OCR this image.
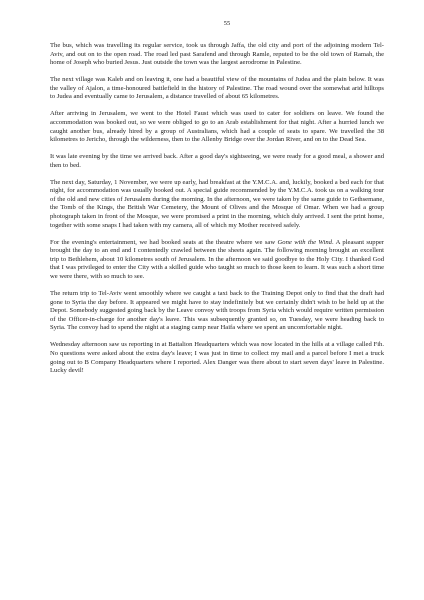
55

The bus, which was travelling its regular service, took us through Jaffa, the old city and port of the adjoining modern Tel-Aviv, and out on to the open road. The road led past Sarafend and through Ramle, reputed to be the old town of Ramah, the home of Joseph who buried Jesus. Just outside the town was the largest aerodrome in Palestine.

The next village was Kaleb and on leaving it, one had a beautiful view of the mountains of Judea and the plain below. It was the valley of Ajalon, a time-honoured battlefield in the history of Palestine. The road wound over the somewhat arid hilltops to Judea and eventually came to Jerusalem, a distance travelled of about 65 kilometres.

After arriving in Jerusalem, we went to the Hotel Faust which was used to cater for soldiers on leave. We found the accommodation was booked out, so we were obliged to go to an Arab establishment for that night. After a hurried lunch we caught another bus, already hired by a group of Australians, which had a couple of seats to spare. We travelled the 38 kilometres to Jericho, through the wilderness, then to the Allenby Bridge over the Jordan River, and on to the Dead Sea.

It was late evening by the time we arrived back. After a good day's sightseeing, we were ready for a good meal, a shower and then to bed.

The next day, Saturday, 1 November, we were up early, had breakfast at the Y.M.C.A. and, luckily, booked a bed each for that night, for accommodation was usually booked out. A special guide recommended by the Y.M.C.A. took us on a walking tour of the old and new cities of Jerusalem during the morning. In the afternoon, we were taken by the same guide to Gethsemane, the Tomb of the Kings, the British War Cemetery, the Mount of Olives and the Mosque of Omar. When we had a group photograph taken in front of the Mosque, we were promised a print in the morning, which duly arrived. I sent the print home, together with some snaps I had taken with my camera, all of which my Mother received safely.

For the evening's entertainment, we had booked seats at the theatre where we saw Gone with the Wind. A pleasant supper brought the day to an end and I contentedly crawled between the sheets again. The following morning brought an excellent trip to Bethlehem, about 10 kilometres south of Jerusalem. In the afternoon we said goodbye to the Holy City. I thanked God that I was privileged to enter the City with a skilled guide who taught so much to those keen to learn. It was such a short time we were there, with so much to see.

The return trip to Tel-Aviv went smoothly where we caught a taxi back to the Training Depot only to find that the draft had gone to Syria the day before. It appeared we might have to stay indefinitely but we certainly didn't wish to be held up at the Depot. Somebody suggested going back by the Leave convoy with troops from Syria which would require written permission of the Officer-in-charge for another day's leave. This was subsequently granted so, on Tuesday, we were heading back to Syria. The convoy had to spend the night at a staging camp near Haifa where we spent an uncomfortable night.

Wednesday afternoon saw us reporting in at Battalion Headquarters which was now located in the hills at a village called Fih. No questions were asked about the extra day's leave; I was just in time to collect my mail and a parcel before I met a truck going out to B Company Headquarters where I reported. Alex Danger was there about to start seven days' leave in Palestine. Lucky devil!
